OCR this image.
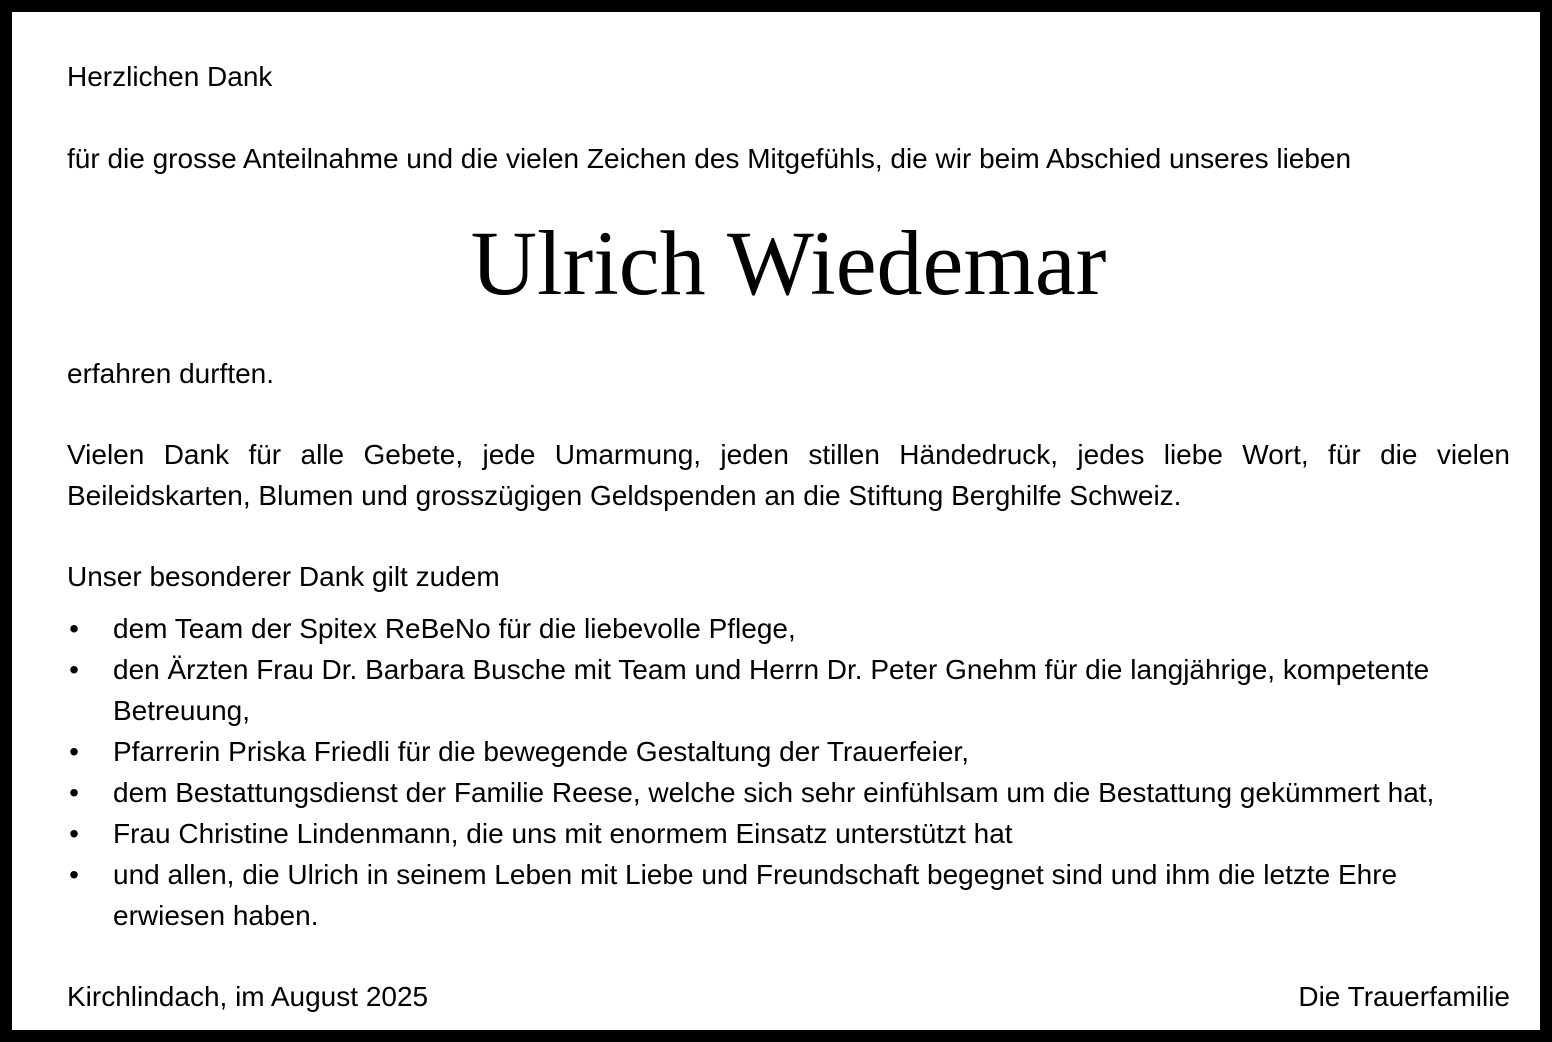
Herzlichen Dank
für die grosse Anteilnahme und die vielen Zeichen des Mitgefühls, die wir beim Abschied unseres lieben
Ulrich Wiedemar
erfahren durften.
Vielen Dank für alle Gebete, jede Umarmung, jeden stillen Händedruck, jedes liebe Wort, für die vielen Beileidskarten, Blumen und grosszügigen Geldspenden an die Stiftung Berghilfe Schweiz.
Unser besonderer Dank gilt zudem
• dem Team der Spitex ReBeNo für die liebevolle Pflege,
• den Ärzten Frau Dr. Barbara Busche mit Team und Herrn Dr. Peter Gnehm für die langjährige, kompetente Betreuung,
• Pfarrerin Priska Friedli für die bewegende Gestaltung der Trauerfeier,
• dem Bestattungsdienst der Familie Reese, welche sich sehr einfühlsam um die Bestattung gekümmert hat,
• Frau Christine Lindenmann, die uns mit enormem Einsatz unterstützt hat
• und allen, die Ulrich in seinem Leben mit Liebe und Freundschaft begegnet sind und ihm die letzte Ehre erwiesen haben.
Kirchlindach, im August 2025	Die Trauerfamilie
